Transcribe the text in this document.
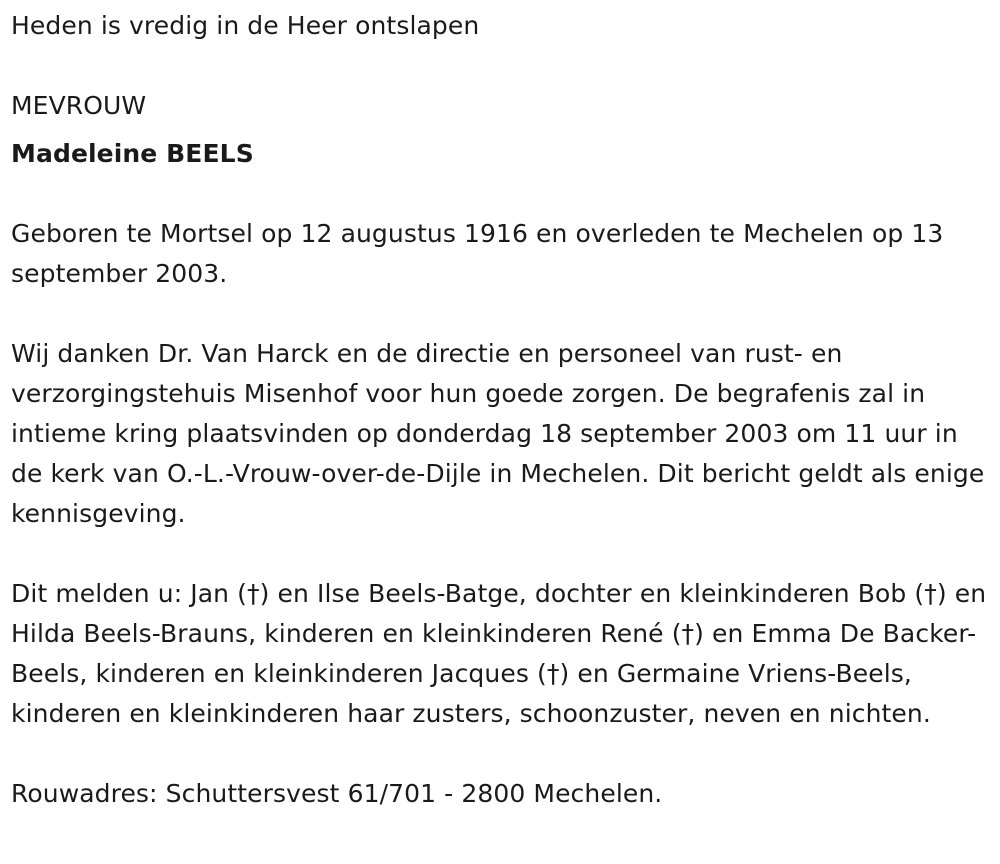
Heden is vredig in de Heer ontslapen

MEVROUW

Madeleine BEELS

Geboren te Mortsel op 12 augustus 1916 en overleden te Mechelen op 13 september 2003.

Wij danken Dr. Van Harck en de directie en personeel van rust- en verzorgingstehuis Misenhof voor hun goede zorgen. De begrafenis zal in intieme kring plaatsvinden op donderdag 18 september 2003 om 11 uur in de kerk van O.-L.-Vrouw-over-de-Dijle in Mechelen. Dit bericht geldt als enige kennisgeving.

Dit melden u: Jan (†) en Ilse Beels-Batge, dochter en kleinkinderen Bob (†) en Hilda Beels-Brauns, kinderen en kleinkinderen René (†) en Emma De Backer-Beels, kinderen en kleinkinderen Jacques (†) en Germaine Vriens-Beels, kinderen en kleinkinderen haar zusters, schoonzuster, neven en nichten.

Rouwadres: Schuttersvest 61/701 - 2800 Mechelen.
